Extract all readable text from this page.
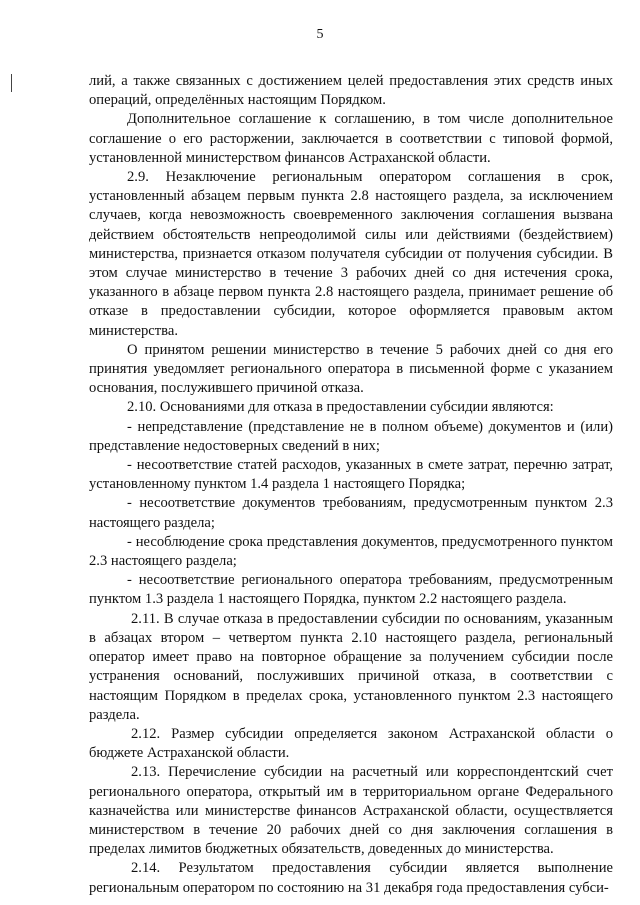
5

лий, а также связанных с достижением целей предоставления этих средств иных операций, определённых настоящим Порядком.

Дополнительное соглашение к соглашению, в том числе дополнительное соглашение о его расторжении, заключается в соответствии с типовой формой, установленной министерством финансов Астраханской области.

2.9. Незаключение региональным оператором соглашения в срок, установленный абзацем первым пункта 2.8 настоящего раздела, за исключением случаев, когда невозможность своевременного заключения соглашения вызвана действием обстоятельств непреодолимой силы или действиями (бездействием) министерства, признается отказом получателя субсидии от получения субсидии. В этом случае министерство в течение 3 рабочих дней со дня истечения срока, указанного в абзаце первом пункта 2.8 настоящего раздела, принимает решение об отказе в предоставлении субсидии, которое оформляется правовым актом министерства.

О принятом решении министерство в течение 5 рабочих дней со дня его принятия уведомляет регионального оператора в письменной форме с указанием основания, послужившего причиной отказа.

2.10. Основаниями для отказа в предоставлении субсидии являются:

- непредставление (представление не в полном объеме) документов и (или) представление недостоверных сведений в них;

- несоответствие статей расходов, указанных в смете затрат, перечню затрат, установленному пунктом 1.4 раздела 1 настоящего Порядка;

- несоответствие документов требованиям, предусмотренным пунктом 2.3 настоящего раздела;

- несоблюдение срока представления документов, предусмотренного пунктом 2.3 настоящего раздела;

- несоответствие регионального оператора требованиям, предусмотренным пунктом 1.3 раздела 1 настоящего Порядка, пунктом 2.2 настоящего раздела.

2.11. В случае отказа в предоставлении субсидии по основаниям, указанным в абзацах втором – четвертом пункта 2.10 настоящего раздела, региональный оператор имеет право на повторное обращение за получением субсидии после устранения оснований, послуживших причиной отказа, в соответствии с настоящим Порядком в пределах срока, установленного пунктом 2.3 настоящего раздела.

2.12. Размер субсидии определяется законом Астраханской области о бюджете Астраханской области.

2.13. Перечисление субсидии на расчетный или корреспондентский счет регионального оператора, открытый им в территориальном органе Федерального казначейства или министерстве финансов Астраханской области, осуществляется министерством в течение 20 рабочих дней со дня заключения соглашения в пределах лимитов бюджетных обязательств, доведенных до министерства.

2.14. Результатом предоставления субсидии является выполнение региональным оператором по состоянию на 31 декабря года предоставления субси-
